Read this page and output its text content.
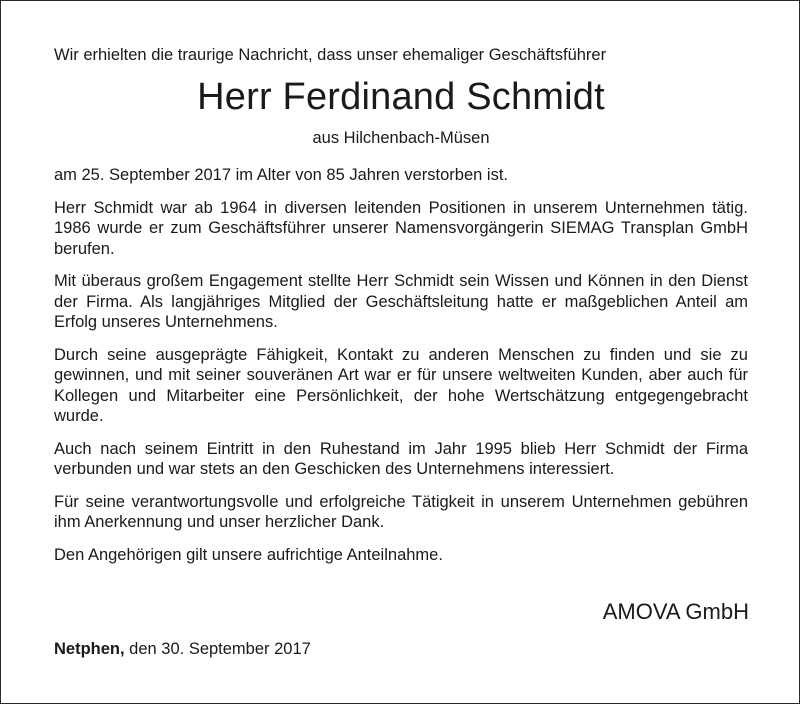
Wir erhielten die traurige Nachricht, dass unser ehemaliger Geschäftsführer

Herr Ferdinand Schmidt

aus Hilchenbach-Müsen

am 25. September 2017 im Alter von 85 Jahren verstorben ist.

Herr Schmidt war ab 1964 in diversen leitenden Positionen in unserem Unternehmen tätig. 1986 wurde er zum Geschäftsführer unserer Namensvorgängerin SIEMAG Transplan GmbH berufen.

Mit überaus großem Engagement stellte Herr Schmidt sein Wissen und Können in den Dienst der Firma. Als langjähriges Mitglied der Geschäftsleitung hatte er maßgeblichen Anteil am Erfolg unseres Unternehmens.

Durch seine ausgeprägte Fähigkeit, Kontakt zu anderen Menschen zu finden und sie zu gewinnen, und mit seiner souveränen Art war er für unsere weltweiten Kunden, aber auch für Kollegen und Mitarbeiter eine Persönlichkeit, der hohe Wertschätzung entgegengebracht wurde.

Auch nach seinem Eintritt in den Ruhestand im Jahr 1995 blieb Herr Schmidt der Firma verbunden und war stets an den Geschicken des Unternehmens interessiert.

Für seine verantwortungsvolle und erfolgreiche Tätigkeit in unserem Unternehmen gebühren ihm Anerkennung und unser herzlicher Dank.

Den Angehörigen gilt unsere aufrichtige Anteilnahme.

AMOVA GmbH

Netphen, den 30. September 2017
